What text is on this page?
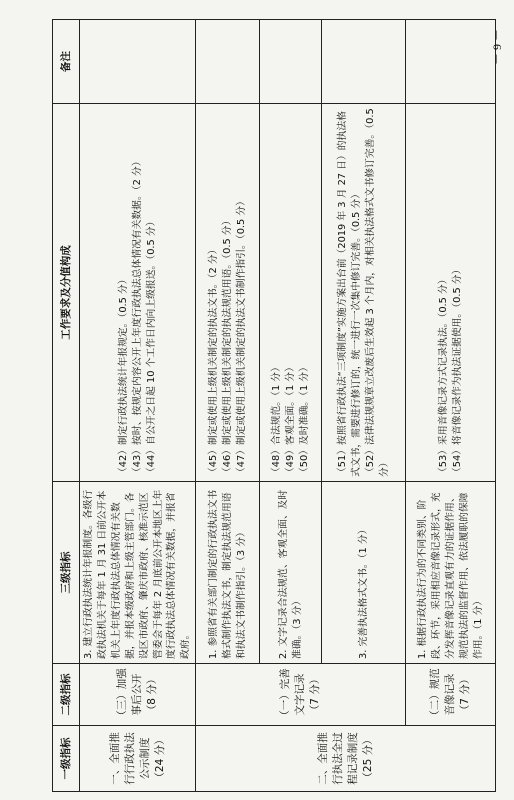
一级指标	二级指标	三级指标	工作要求及分值构成	备注
一、全面推行行政执法公示制度（24 分）	（三）加强事后公开（8 分）	3. 建立行政执法统计年报制度。各级行政执法机关于每年 1 月 31 日前公开本机关上年度行政执法总体情况有关数据，并报本级政府和上级主管部门。各设区市政府、肇庆市政府、核准示范区管委会于每年 2 月底前公开本地区上年度行政执法总体情况有关数据，并报省政府。	（42）制定行政执法统计年报规定。（0.5 分） （43）按时、按规定内容公开上年度行政执法总体情况有关数据。（2 分） （44）自公开之日起 10 个工作日内向上级报送。（0.5 分）	

二、全面推行执法全过程记录制度（25 分）	（一）完善文字记录（7 分）	1. 参照省有关部门制定的行政执法文书格式制作执法文书，制定执法规范用语和执法文书制作指引。（3 分）	（45）制定或使用上级机关制定的执法文书。（2 分） （46）制定或使用上级机关制定的执法规范用语。（0.5 分） （47）制定或使用上级机关制定的执法文书制作指引。（0.5 分）	

		2. 文字记录合法规范、客观全面、及时准确。（3 分）	（48）合法规范。（1 分） （49）客观全面。（1 分） （50）及时准确。（1 分）	

		3. 完善执法格式文书。（1 分）	（51）按照省行政执法“三项制度”实施方案出台前（2019 年 3 月 27 日）的执法格式文书，需要进行修订的，统一进行一次集中修订完善。（0.5 分） （52）法律法规规章立改废后生效起 3 个月内，对相关执法格式文书修订完善。（0.5 分）	

	（二）规范音像记录（7 分）	1. 根据行政执法行为的不同类别、阶段、环节，采用相应音像记录形式，充分发挥音像记录直观有力的证据作用、规范执法的监督作用、依法履职的保障作用。（1 分）	（53）采用音像记录方式记录执法。（0.5 分） （54）将音像记录作为执法证据使用。（0.5 分）	

－ 9 －
